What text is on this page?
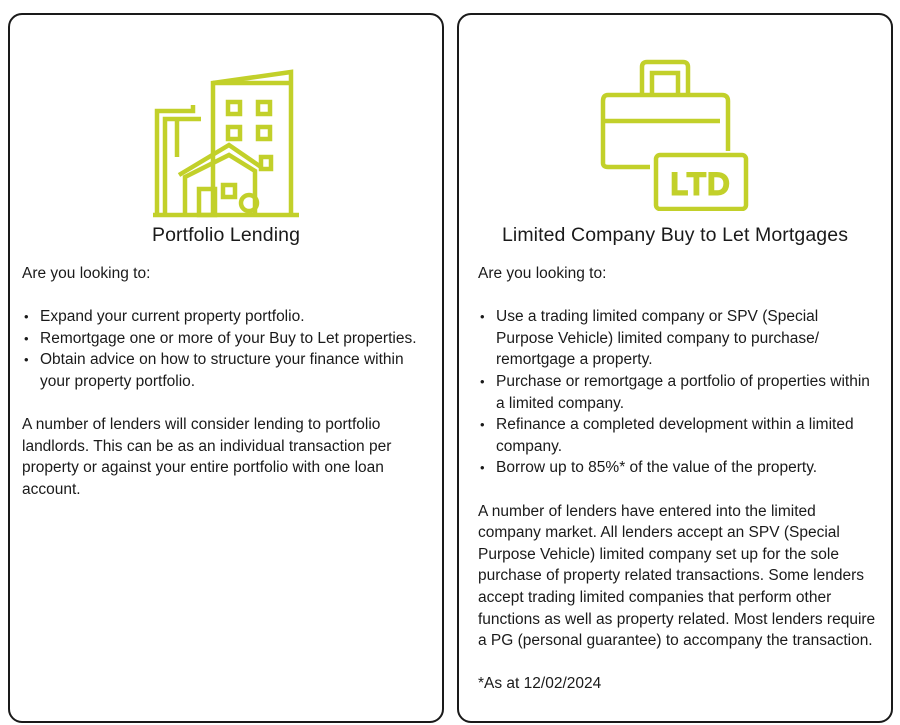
Portfolio Lending

Are you looking to:

• Expand your current property portfolio.
• Remortgage one or more of your Buy to Let properties.
• Obtain advice on how to structure your finance within your property portfolio.

A number of lenders will consider lending to portfolio landlords. This can be as an individual transaction per property or against your entire portfolio with one loan account.

LTD
Limited Company Buy to Let Mortgages

Are you looking to:

• Use a trading limited company or SPV (Special Purpose Vehicle) limited company to purchase/ remortgage a property.
• Purchase or remortgage a portfolio of properties within a limited company.
• Refinance a completed development within a limited company.
• Borrow up to 85%* of the value of the property.

A number of lenders have entered into the limited company market. All lenders accept an SPV (Special Purpose Vehicle) limited company set up for the sole purchase of property related transactions. Some lenders accept trading limited companies that perform other functions as well as property related. Most lenders require a PG (personal guarantee) to accompany the transaction.

*As at 12/02/2024
